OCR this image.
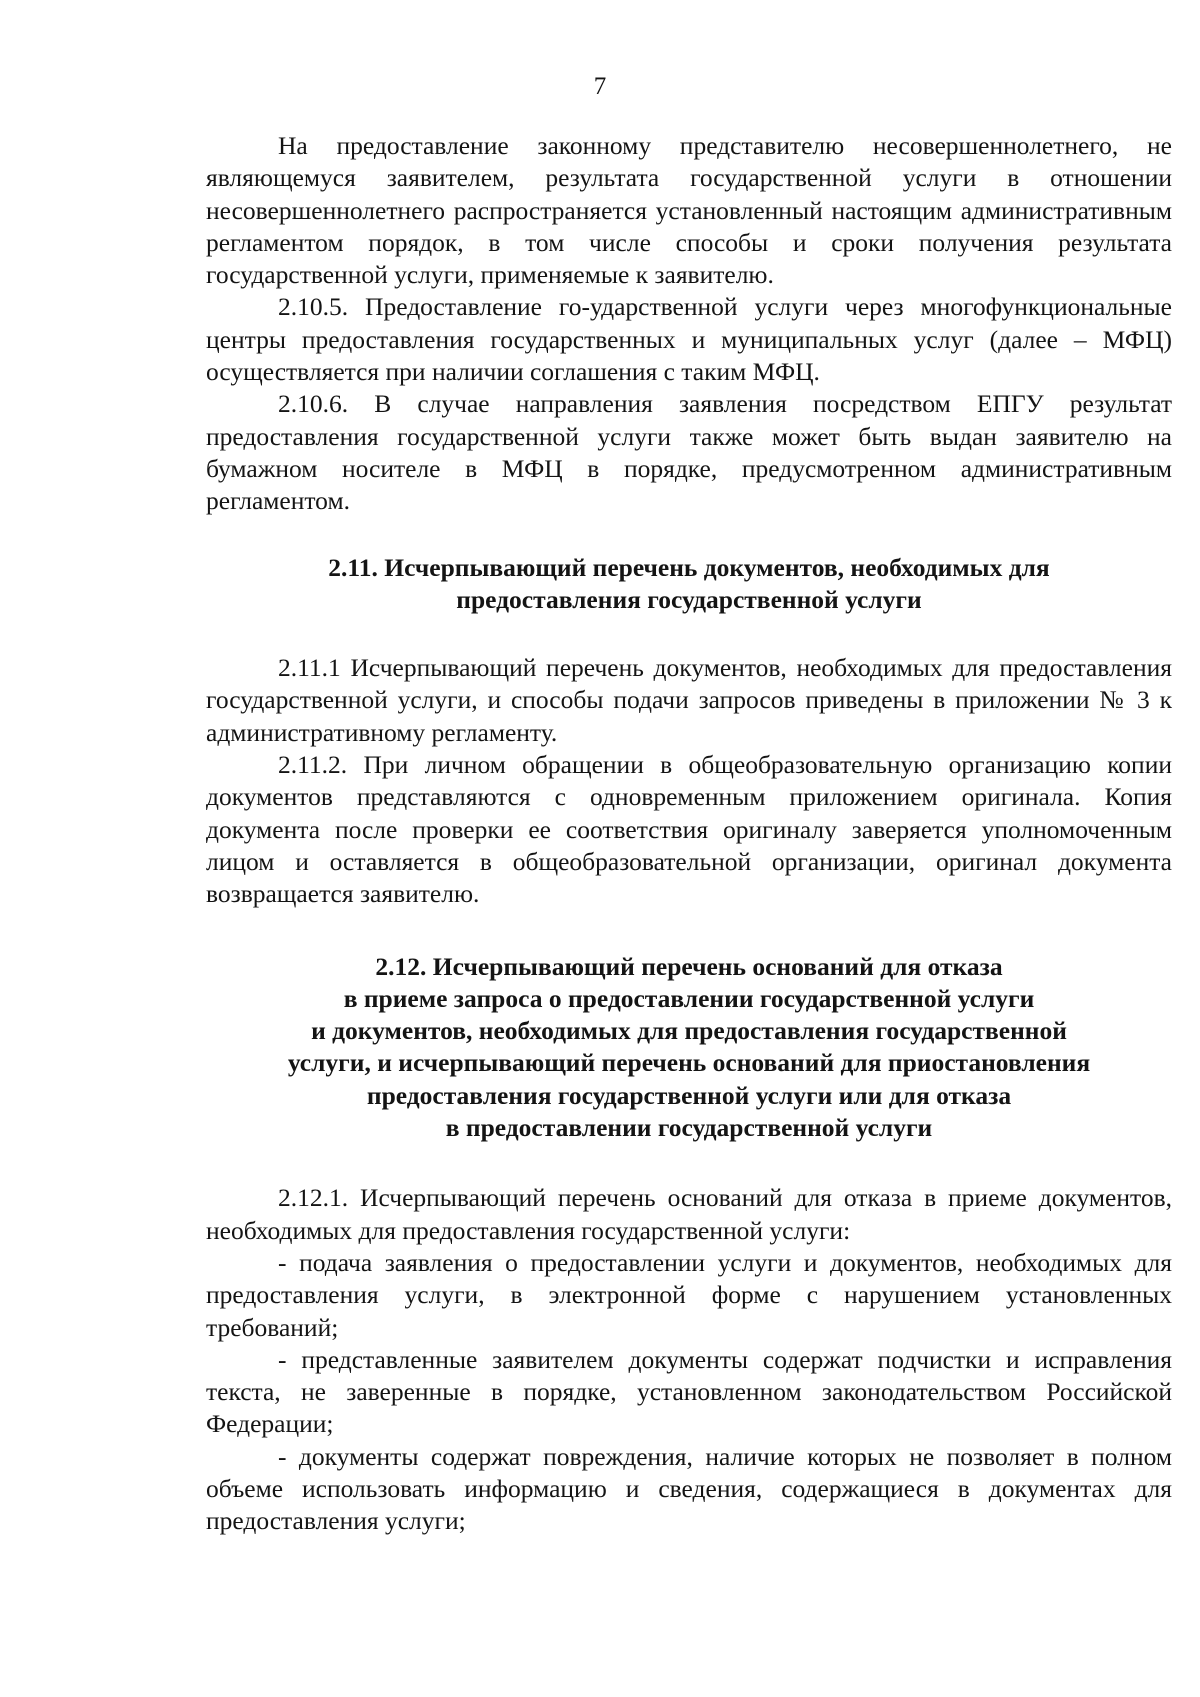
7

На предоставление законному представителю несовершеннолетнего, не являющемуся заявителем, результата государственной услуги в отношении несовершеннолетнего распространяется установленный настоящим административным регламентом порядок, в том числе способы и сроки получения результата государственной услуги, применяемые к заявителю.

2.10.5. Предоставление го-ударственной услуги через многофункциональные центры предоставления государственных и муниципальных услуг (далее – МФЦ) осуществляется при наличии соглашения с таким МФЦ.

2.10.6. В случае направления заявления посредством ЕПГУ результат предоставления государственной услуги также может быть выдан заявителю на бумажном носителе в МФЦ в порядке, предусмотренном административным регламентом.

2.11. Исчерпывающий перечень документов, необходимых для
предоставления государственной услуги

2.11.1 Исчерпывающий перечень документов, необходимых для предоставления государственной услуги, и способы подачи запросов приведены в приложении № 3 к административному регламенту.

2.11.2. При личном обращении в общеобразовательную организацию копии документов представляются с одновременным приложением оригинала. Копия документа после проверки ее соответствия оригиналу заверяется уполномоченным лицом и оставляется в общеобразовательной организации, оригинал документа возвращается заявителю.

2.12. Исчерпывающий перечень оснований для отказа
в приеме запроса о предоставлении государственной услуги
и документов, необходимых для предоставления государственной
услуги, и исчерпывающий перечень оснований для приостановления
предоставления государственной услуги или для отказа
в предоставлении государственной услуги

2.12.1. Исчерпывающий перечень оснований для отказа в приеме документов, необходимых для предоставления государственной услуги:

- подача заявления о предоставлении услуги и документов, необходимых для предоставления услуги, в электронной форме с нарушением установленных требований;

- представленные заявителем документы содержат подчистки и исправления текста, не заверенные в порядке, установленном законодательством Российской Федерации;

- документы содержат повреждения, наличие которых не позволяет в полном объеме использовать информацию и сведения, содержащиеся в документах для предоставления услуги;
